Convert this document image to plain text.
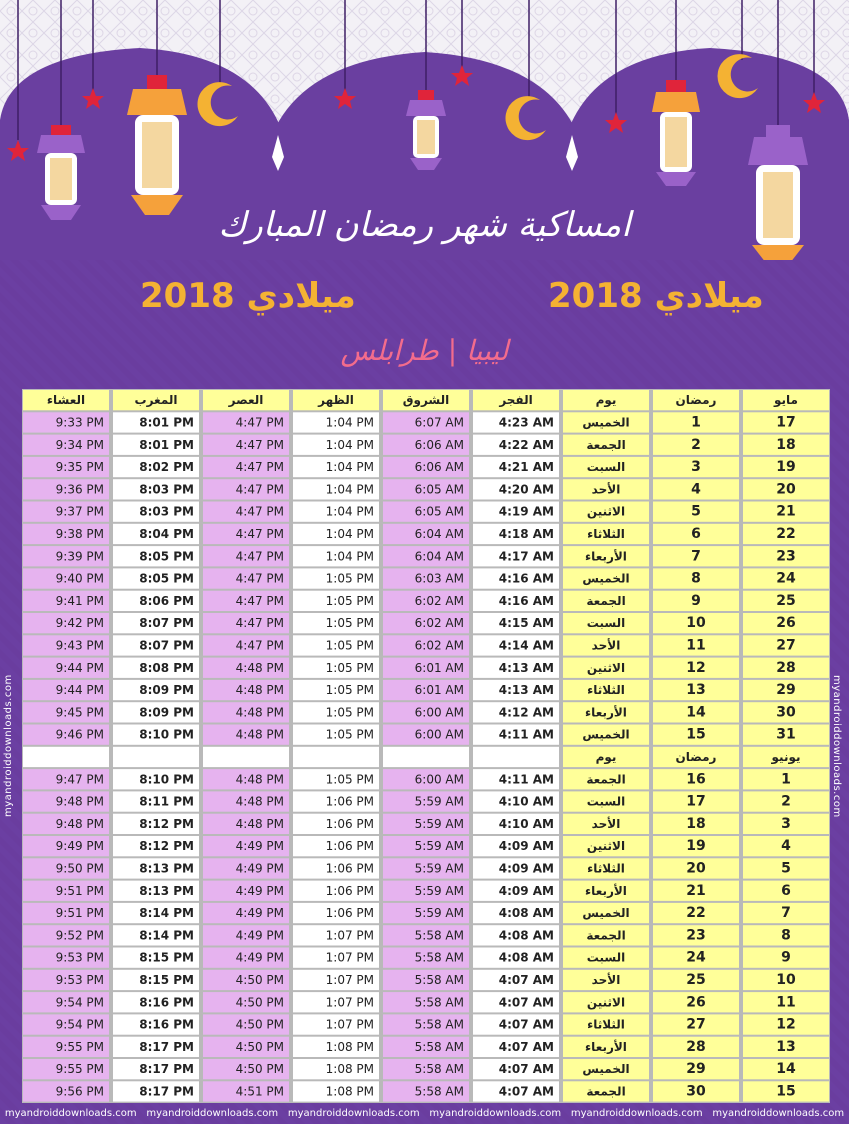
امساكية شهر رمضان المبارك
2018 ميلادي
2018 ميلادي
ليبيا | طرابلس
myandroiddownloads.com	myandroiddownloads.com
مايو
رمضان
يوم
الفجر
الشروق
الظهر
العصر
المغرب
العشاء
17
1
الخميس
4:23 AM
6:07 AM
1:04 PM
4:47 PM
8:01 PM
9:33 PM
18
2
الجمعة
4:22 AM
6:06 AM
1:04 PM
4:47 PM
8:01 PM
9:34 PM
19
3
السبت
4:21 AM
6:06 AM
1:04 PM
4:47 PM
8:02 PM
9:35 PM
20
4
الأحد
4:20 AM
6:05 AM
1:04 PM
4:47 PM
8:03 PM
9:36 PM
21
5
الاثنين
4:19 AM
6:05 AM
1:04 PM
4:47 PM
8:03 PM
9:37 PM
22
6
الثلاثاء
4:18 AM
6:04 AM
1:04 PM
4:47 PM
8:04 PM
9:38 PM
23
7
الأربعاء
4:17 AM
6:04 AM
1:04 PM
4:47 PM
8:05 PM
9:39 PM
24
8
الخميس
4:16 AM
6:03 AM
1:05 PM
4:47 PM
8:05 PM
9:40 PM
25
9
الجمعة
4:16 AM
6:02 AM
1:05 PM
4:47 PM
8:06 PM
9:41 PM
26
10
السبت
4:15 AM
6:02 AM
1:05 PM
4:47 PM
8:07 PM
9:42 PM
27
11
الأحد
4:14 AM
6:02 AM
1:05 PM
4:47 PM
8:07 PM
9:43 PM
28
12
الاثنين
4:13 AM
6:01 AM
1:05 PM
4:48 PM
8:08 PM
9:44 PM
29
13
الثلاثاء
4:13 AM
6:01 AM
1:05 PM
4:48 PM
8:09 PM
9:44 PM
30
14
الأربعاء
4:12 AM
6:00 AM
1:05 PM
4:48 PM
8:09 PM
9:45 PM
31
15
الخميس
4:11 AM
6:00 AM
1:05 PM
4:48 PM
8:10 PM
9:46 PM
يونيو
رمضان
يوم
1
16
الجمعة
4:11 AM
6:00 AM
1:05 PM
4:48 PM
8:10 PM
9:47 PM
2
17
السبت
4:10 AM
5:59 AM
1:06 PM
4:48 PM
8:11 PM
9:48 PM
3
18
الأحد
4:10 AM
5:59 AM
1:06 PM
4:48 PM
8:12 PM
9:48 PM
4
19
الاثنين
4:09 AM
5:59 AM
1:06 PM
4:49 PM
8:12 PM
9:49 PM
5
20
الثلاثاء
4:09 AM
5:59 AM
1:06 PM
4:49 PM
8:13 PM
9:50 PM
6
21
الأربعاء
4:09 AM
5:59 AM
1:06 PM
4:49 PM
8:13 PM
9:51 PM
7
22
الخميس
4:08 AM
5:59 AM
1:06 PM
4:49 PM
8:14 PM
9:51 PM
8
23
الجمعة
4:08 AM
5:58 AM
1:07 PM
4:49 PM
8:14 PM
9:52 PM
9
24
السبت
4:08 AM
5:58 AM
1:07 PM
4:49 PM
8:15 PM
9:53 PM
10
25
الأحد
4:07 AM
5:58 AM
1:07 PM
4:50 PM
8:15 PM
9:53 PM
11
26
الاثنين
4:07 AM
5:58 AM
1:07 PM
4:50 PM
8:16 PM
9:54 PM
12
27
الثلاثاء
4:07 AM
5:58 AM
1:07 PM
4:50 PM
8:16 PM
9:54 PM
13
28
الأربعاء
4:07 AM
5:58 AM
1:08 PM
4:50 PM
8:17 PM
9:55 PM
14
29
الخميس
4:07 AM
5:58 AM
1:08 PM
4:50 PM
8:17 PM
9:55 PM
15
30
الجمعة
4:07 AM
5:58 AM
1:08 PM
4:51 PM
8:17 PM
9:56 PM
myandroiddownloads.com myandroiddownloads.com myandroiddownloads.com myandroiddownloads.com myandroiddownloads.com myandroiddownloads.com
